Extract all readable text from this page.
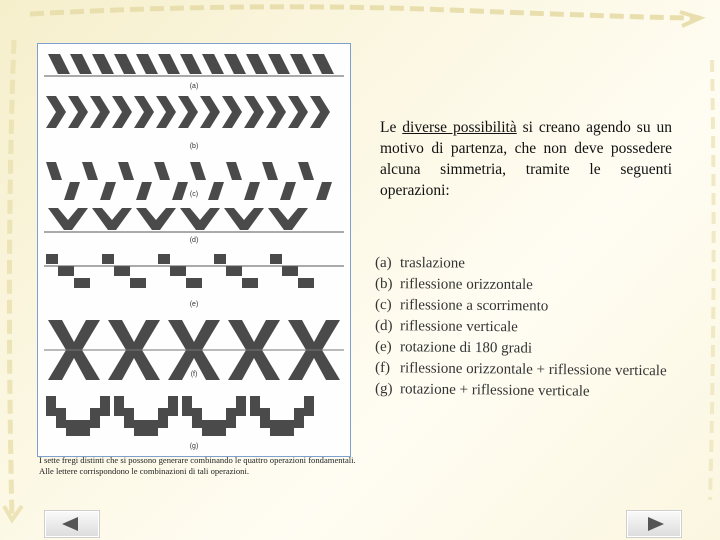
(a)
(b)
(c)
(d)
(e)
(f)
(g)
I sette fregi distinti che si possono generare combinando le quattro operazioni fondamentali. Alle lettere corrispondono le combinazioni di tali operazioni.
Le diverse possibilità si creano agendo su un motivo di partenza, che non deve possedere alcuna simmetria, tramite le seguenti operazioni:
(a) traslazione
(b) riflessione orizzontale
(c) riflessione a scorrimento
(d) riflessione verticale
(e) rotazione di 180 gradi
(f) riflessione orizzontale + riflessione verticale
(g) rotazione + riflessione verticale
